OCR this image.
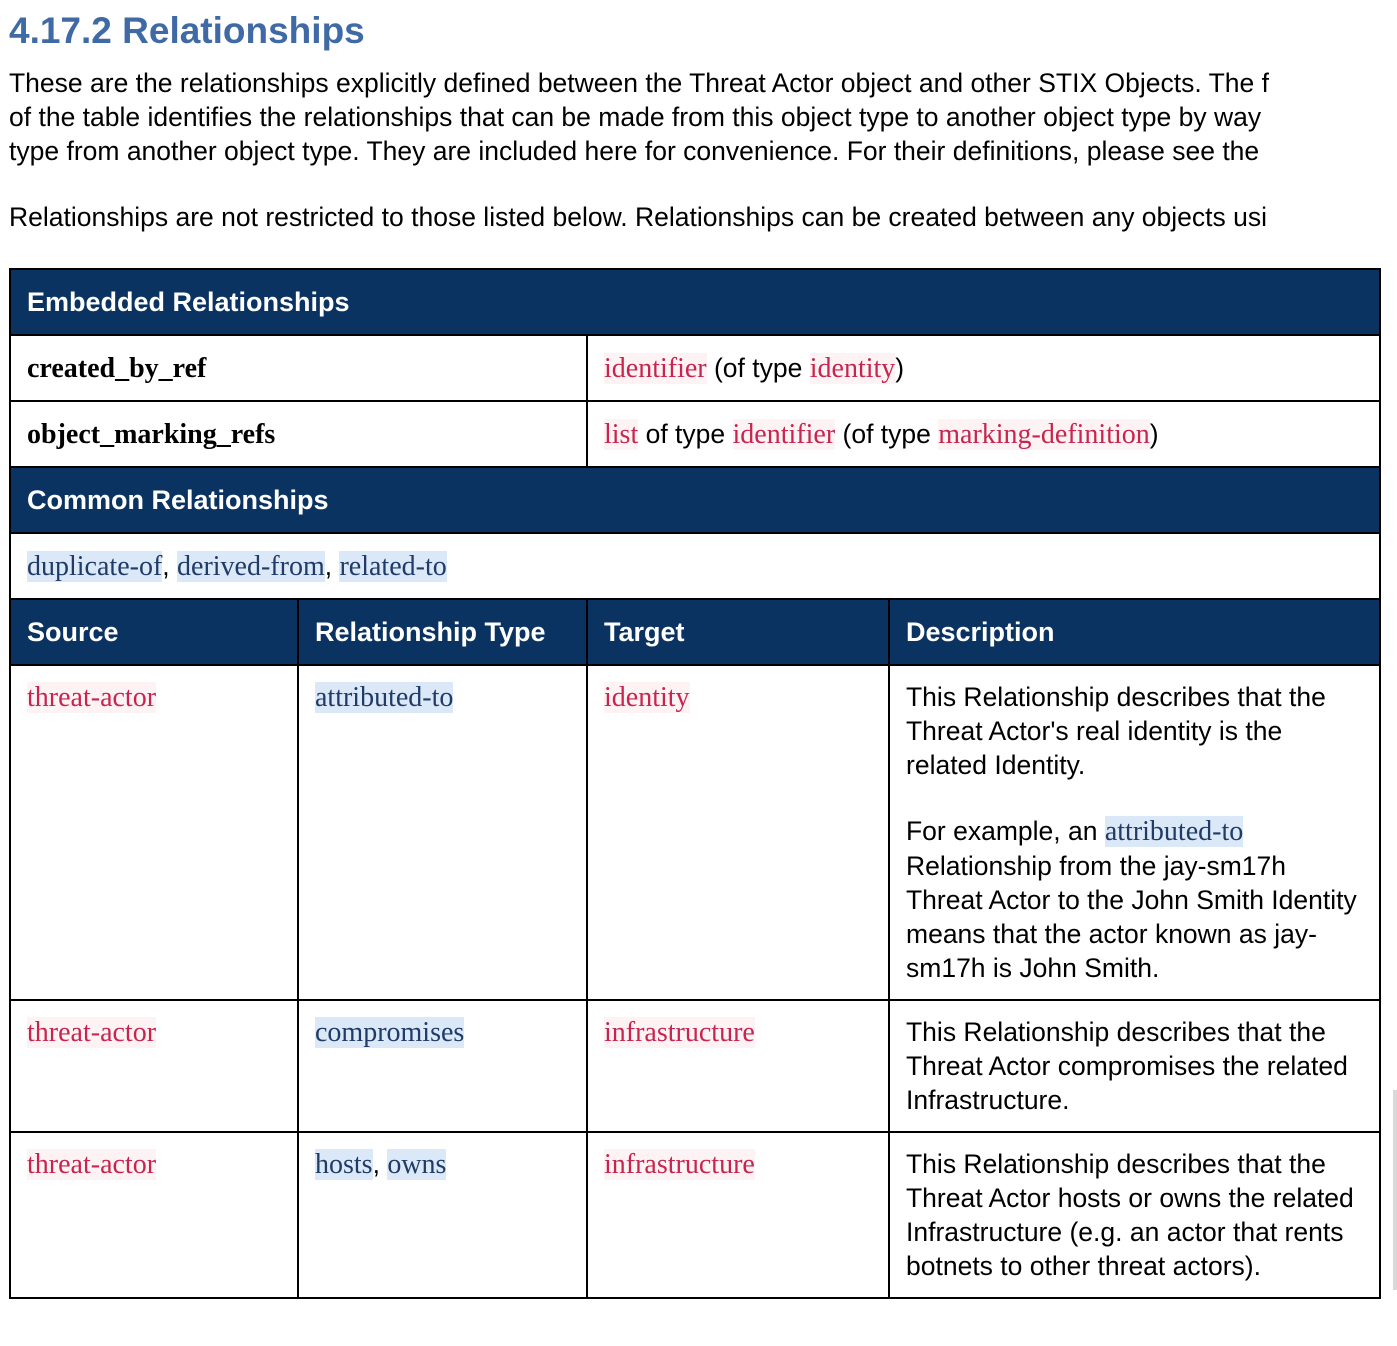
4.17.2 Relationships
These are the relationships explicitly defined between the Threat Actor object and other STIX Objects. The f
of the table identifies the relationships that can be made from this object type to another object type by way
type from another object type. They are included here for convenience. For their definitions, please see the
Relationships are not restricted to those listed below. Relationships can be created between any objects usi
Embedded Relationships			
created_by_ref		identifier (of type identity)	
object_marking_refs		list of type identifier (of type marking-definition)	
Common Relationships			
duplicate-of, derived-from, related-to			
Source	Relationship Type	Target	Description
threat-actor	attributed-to	identity	This Relationship describes that the Threat Actor's real identity is the related Identity.

For example, an attributed-to Relationship from the jay-sm17h Threat Actor to the John Smith Identity means that the actor known as jay-sm17h is John Smith.

threat-actor	compromises	infrastructure	This Relationship describes that the Threat Actor compromises the related Infrastructure.

threat-actor	hosts, owns	infrastructure	This Relationship describes that the Threat Actor hosts or owns the related Infrastructure (e.g. an actor that rents botnets to other threat actors).
